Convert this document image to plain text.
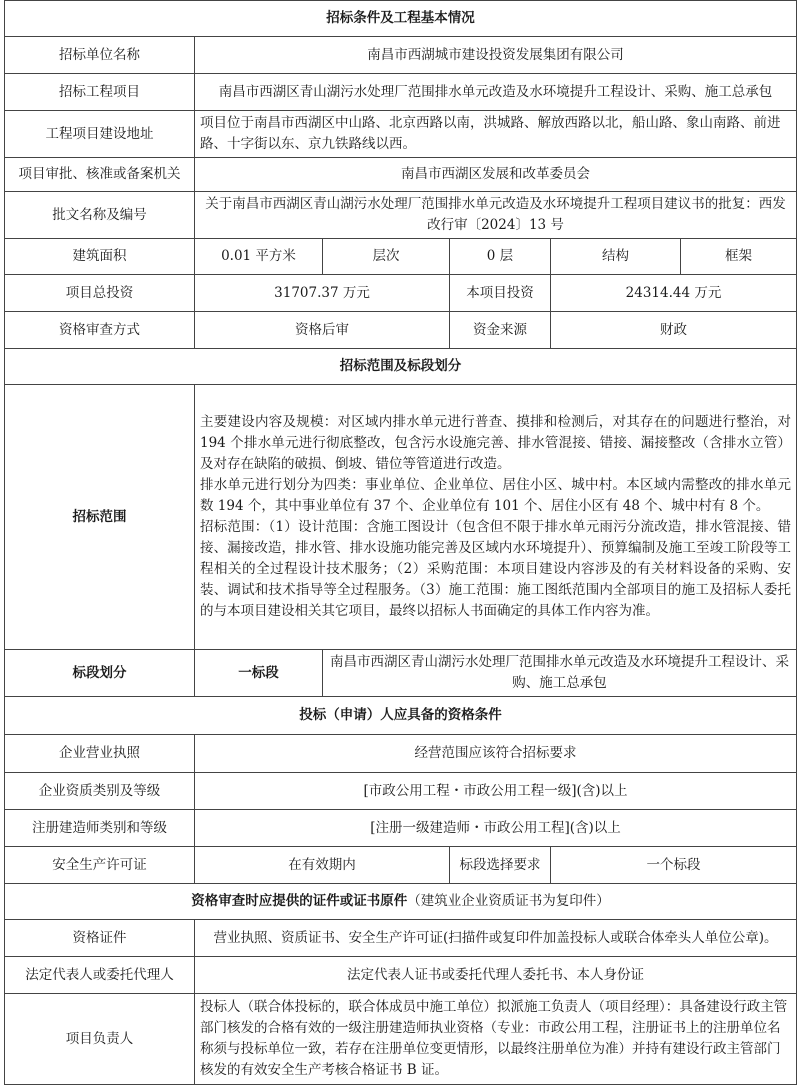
招标条件及工程基本情况					
招标单位名称	南昌市西湖城市建设投资发展集团有限公司				
招标工程项目	南昌市西湖区青山湖污水处理厂范围排水单元改造及水环境提升工程设计、采购、施工总承包				
工程项目建设地址	项目位于南昌市西湖区中山路、北京西路以南，洪城路、解放西路以北，船山路、象山南路、前进路、十字街以东、京九铁路线以西。				
项目审批、核准或备案机关	南昌市西湖区发展和改革委员会				
批文名称及编号	关于南昌市西湖区青山湖污水处理厂范围排水单元改造及水环境提升工程项目建议书的批复：西发改行审〔2024〕13 号				
建筑面积	0.01 平方米	层次	0 层	结构	框架
项目总投资	31707.37 万元		本项目投资	24314.44 万元	
资格审查方式	资格后审		资金来源	财政	
招标范围及标段划分					
招标范围	主要建设内容及规模：对区域内排水单元进行普查、摸排和检测后，对其存在的问题进行整治，对 194 个排水单元进行彻底整改，包含污水设施完善、排水管混接、错接、漏接整改（含排水立管）及对存在缺陷的破损、倒坡、错位等管道进行改造。
排水单元进行划分为四类：事业单位、企业单位、居住小区、城中村。本区域内需整改的排水单元数 194 个，其中事业单位有 37 个、企业单位有 101 个、居住小区有 48 个、城中村有 8 个。
招标范围：（1）设计范围：含施工图设计（包含但不限于排水单元雨污分流改造，排水管混接、错接、漏接改造，排水管、排水设施功能完善及区域内水环境提升）、预算编制及施工至竣工阶段等工程相关的全过程设计技术服务；（2）采购范围：本项目建设内容涉及的有关材料设备的采购、安装、调试和技术指导等全过程服务。（3）施工范围：施工图纸范围内全部项目的施工及招标人委托的与本项目建设相关其它项目，最终以招标人书面确定的具体工作内容为准。				

标段划分	一标段	南昌市西湖区青山湖污水处理厂范围排水单元改造及水环境提升工程设计、采购、施工总承包			
投标（申请）人应具备的资格条件					
企业营业执照	经营范围应该符合招标要求				
企业资质类别及等级	[市政公用工程・市政公用工程一级](含)以上				
注册建造师类别和等级	[注册一级建造师・市政公用工程](含)以上				
安全生产许可证	在有效期内		标段选择要求	一个标段	
资格审查时应提供的证件或证书原件（建筑业企业资质证书为复印件）					
资格证件	营业执照、资质证书、安全生产许可证(扫描件或复印件加盖投标人或联合体牵头人单位公章)。				
法定代表人或委托代理人	法定代表人证书或委托代理人委托书、本人身份证				
项目负责人	投标人（联合体投标的，联合体成员中施工单位）拟派施工负责人（项目经理）：具备建设行政主管部门核发的合格有效的一级注册建造师执业资格（专业：市政公用工程，注册证书上的注册单位名称须与投标单位一致，若存在注册单位变更情形，以最终注册单位为准）并持有建设行政主管部门核发的有效安全生产考核合格证书 B 证。				
